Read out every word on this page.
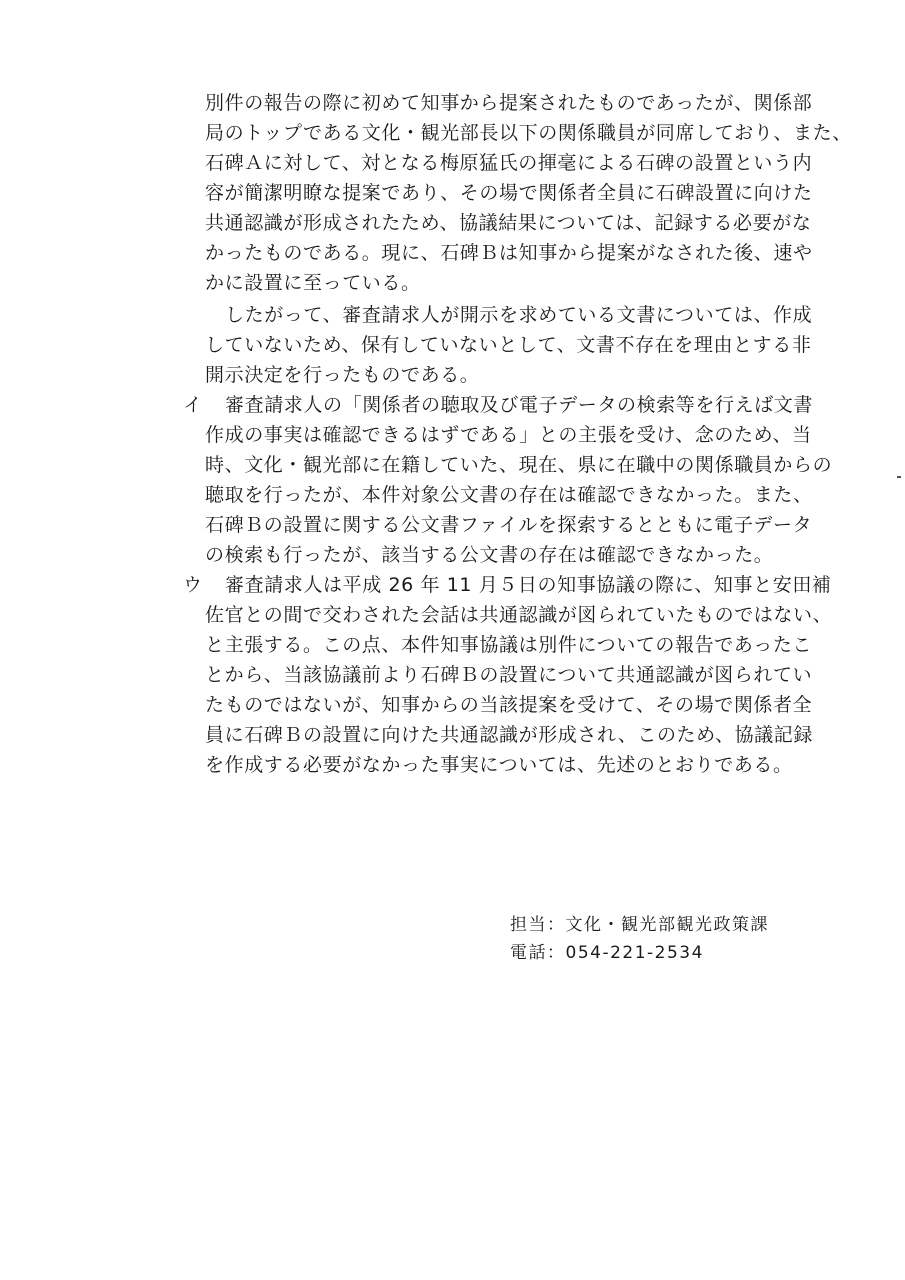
別件の報告の際に初めて知事から提案されたものであったが、関係部
局のトップである文化・観光部長以下の関係職員が同席しており、また、
石碑Ａに対して、対となる梅原猛氏の揮毫による石碑の設置という内
容が簡潔明瞭な提案であり、その場で関係者全員に石碑設置に向けた
共通認識が形成されたため、協議結果については、記録する必要がな
かったものである。現に、石碑Ｂは知事から提案がなされた後、速や
かに設置に至っている。
したがって、審査請求人が開示を求めている文書については、作成
していないため、保有していないとして、文書不存在を理由とする非
開示決定を行ったものである。
イ 審査請求人の「関係者の聴取及び電子データの検索等を行えば文書
作成の事実は確認できるはずである」との主張を受け、念のため、当
時、文化・観光部に在籍していた、現在、県に在職中の関係職員からの
聴取を行ったが、本件対象公文書の存在は確認できなかった。また、
石碑Ｂの設置に関する公文書ファイルを探索するとともに電子データ
の検索も行ったが、該当する公文書の存在は確認できなかった。
ウ 審査請求人は平成 26 年 11 月５日の知事協議の際に、知事と安田補
佐官との間で交わされた会話は共通認識が図られていたものではない、
と主張する。この点、本件知事協議は別件についての報告であったこ
とから、当該協議前より石碑Ｂの設置について共通認識が図られてい
たものではないが、知事からの当該提案を受けて、その場で関係者全
員に石碑Ｂの設置に向けた共通認識が形成され、このため、協議記録
を作成する必要がなかった事実については、先述のとおりである。
担当：文化・観光部観光政策課
電話：054-221-2534
